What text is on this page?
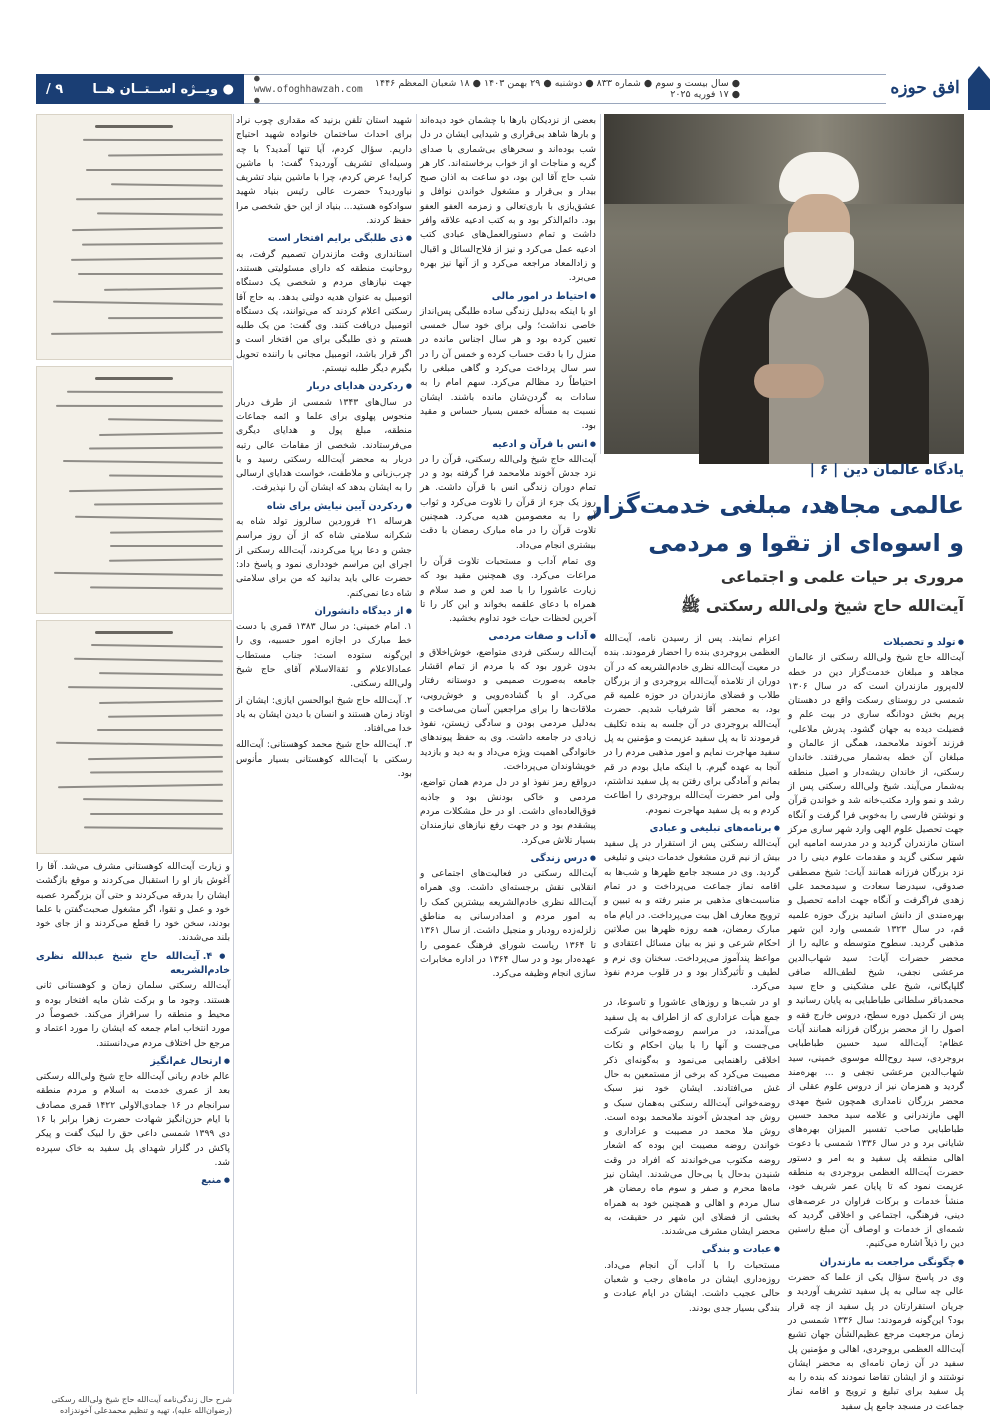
● ویــژه اســتــان هــا
۹ /	● سال بیست و سوم ● شماره ۸۳۳ ● دوشنبه ● ۲۹ بهمن ۱۴۰۳ ● ۱۸ شعبان المعظم ۱۴۴۶ ● ۱۷ فوریه ۲۰۲۵
● www.ofoghhawzah.com ●
افق حوزه ۴
یادگاه عالمان دین | ۶ |
عالمی مجاهد، مبلغی خدمت‌گزار
و اسوه‌ای از تقوا و مردمی
مروری بر حیات علمی و اجتماعی
آیت‌الله حاج شیخ ولی‌الله رسکتی ﷺ
● تولد و تحصیلات

آیت‌الله حاج شیخ ولی‌الله رسکتی از عالمان مجاهد و مبلغان خدمت‌گزار دین در خطه لاله‌پرور مازندران است که در سال ۱۳۰۶ شمسی در روستای رسکت واقع در دهستان پریم بخش دودانگه ساری در بیت علم و فضیلت دیده به جهان گشود. پدرش ملاعلی، فرزند آخوند ملامحمد، همگی از عالمان و مبلغان آن خطه به‌شمار می‌رفتند. خاندان رسکتی، از خاندان ریشه‌دار و اصیل منطقه به‌شمار می‌آیند. شیخ ولی‌الله رسکتی پس از رشد و نمو وارد مکتب‌خانه شد و خواندن قرآن و نوشتن فارسی را به‌خوبی فرا گرفت و آنگاه جهت تحصیل علوم الهی وارد شهر ساری مرکز استان مازندران گردید و در مدرسه امامیه این شهر سکنی گزید و مقدمات علوم دینی را در نزد بزرگان فرزانه همانند آیات: شیخ مصطفی صدوقی، سیدرضا سعادت و سیدمحمد علی زهدی فراگرفت و آنگاه جهت ادامه تحصیل و بهره‌مندی از دانش اساتید بزرگ حوزه علمیه قم، در سال ۱۳۲۳ شمسی وارد این شهر مذهبی گردید. سطوح متوسطه و عالیه را از محضر حضرات آیات: سید شهاب‌الدین مرعشی نجفی، شیخ لطف‌الله صافی گلپایگانی، شیخ علی مشکینی و حاج سید محمدباقر سلطانی طباطبایی به پایان رسانید و پس از تکمیل دوره سطح، دروس خارج فقه و اصول را از محضر بزرگان فرزانه همانند آیات عظام: آیت‌الله سید حسین طباطبایی بروجردی، سید روح‌الله موسوی خمینی، سید شهاب‌الدین مرعشی نجفی و ... بهره‌مند گردید و همزمان نیز از دروس علوم عقلی از محضر بزرگان نامداری همچون شیخ مهدی الهی مازندرانی و علامه سید محمد حسین طباطبایی صاحب تفسیر المیزان بهره‌های شایانی برد و در سال ۱۳۳۶ شمسی با دعوت اهالی منطقه پل سفید و به امر و دستور حضرت آیت‌الله العظمی بروجردی به منطقه عزیمت نمود که تا پایان عمر شریف خود، منشأ خدمات و برکات فراوان در عرصه‌های دینی، فرهنگی، اجتماعی و اخلاقی گردید که شمه‌ای از خدمات و اوصاف آن مبلغ راستین دین را ذیلاً اشاره می‌کنیم.

● چگونگی مراجعت به مازندران

وی در پاسخ سؤال یکی از علما که حضرت عالی چه سالی به پل سفید تشریف آوردید و جریان استقرارتان در پل سفید از چه قرار بود؟ این‌گونه فرمودند: سال ۱۳۳۶ شمسی در زمان مرجعیت مرجع عظیم‌الشأن جهان تشیع آیت‌الله العظمی بروجردی، اهالی و مؤمنین پل سفید در آن زمان نامه‌ای به محضر ایشان نوشتند و از ایشان تقاضا نمودند که بنده را به پل سفید برای تبلیغ و ترویج و اقامه نماز جماعت در مسجد جامع پل سفید

اعزام نمایند. پس از رسیدن نامه، آیت‌الله العظمی بروجردی بنده را احضار فرمودند. بنده در معیت آیت‌الله نظری خادم‌الشریعه که در آن دوران از تلامذه آیت‌الله بروجردی و از بزرگان طلاب و فضلای مازندران در حوزه علمیه قم بود، به محضر آقا شرفیاب شدیم. حضرت آیت‌الله بروجردی در آن جلسه به بنده تکلیف فرمودند تا به پل سفید عزیمت و مؤمنین به پل سفید مهاجرت نمایم و امور مذهبی مردم را در آنجا به عهده گیرم. با اینکه مایل بودم در قم بمانم و آمادگی برای رفتن به پل سفید نداشتم، ولی امر حضرت آیت‌الله بروجردی را اطاعت کردم و به پل سفید مهاجرت نمودم.

● برنامه‌های تبلیغی و عبادی

آیت‌الله رسکتی پس از استقرار در پل سفید بیش از نیم قرن مشغول خدمات دینی و تبلیغی گردید. وی در مسجد جامع ظهرها و شب‌ها به اقامه نماز جماعت می‌پرداخت و در تمام مناسبت‌های مذهبی بر منبر رفته و به تبیین و ترویج معارف اهل بیت می‌پرداخت. در ایام ماه مبارک رمضان، همه روزه ظهرها بین صلاتین احکام شرعی و نیز به بیان مسائل اعتقادی و مواعظ پندآموز می‌پرداخت. سخنان وی نرم و لطیف و تأثیرگذار بود و در قلوب مردم نفوذ می‌کرد.

او در شب‌ها و روزهای عاشورا و تاسوعا، در جمع هیأت عزاداری که از اطراف به پل سفید می‌آمدند، در مراسم روضه‌خوانی شرکت می‌جست و آنها را با بیان احکام و نکات اخلاقی راهنمایی می‌نمود و به‌گونه‌ای ذکر مصیبت می‌کرد که برخی از مستمعین به حال غش می‌افتادند. ایشان خود نیز سبک روضه‌خوانی آیت‌الله رسکتی به‌همان سبک و روش جد امجدش آخوند ملامحمد بوده است. روش ملا محمد در مصیبت و عزاداری و خواندن روضه مصیبت این بوده که اشعار روضه مکتوب می‌خواندند که افراد در وقت شنیدن بدحال یا بی‌حال می‌شدند. ایشان نیز ماه‌ها محرم و صفر و سوم ماه رمضان هر سال مردم و اهالی و همچنین خود به همراه بخشی از فضلای این شهر در حقیقت، به محضر ایشان مشرف می‌شدند.

● عبادت و بندگی

مستحبات را با آداب آن انجام می‌داد. روزه‌داری ایشان در ماه‌های رجب و شعبان حالی عجیب داشت. ایشان در ایام عبادت و بندگی بسیار جدی بودند.

بعضی از نزدیکان بارها با چشمان خود دیده‌اند و بارها شاهد بی‌قراری و شیدایی ایشان در دل شب بوده‌اند و سحرهای بی‌شماری با صدای گریه و مناجات او از خواب برخاسته‌اند. کار هر شب حاج آقا این بود، دو ساعت به اذان صبح بیدار و بی‌قرار و مشغول خواندن نوافل و عشق‌بازی با باری‌تعالی و زمزمه العفو العفو بود. دائم‌الذکر بود و به کتب ادعیه علاقه وافر داشت و تمام دستورالعمل‌های عبادی کتب ادعیه عمل می‌کرد و نیز از فلاح‌السائل و اقبال و زادالمعاد مراجعه می‌کرد و از آنها نیز بهره می‌برد.

● احتیاط در امور مالی

او با اینکه به‌دلیل زندگی ساده طلبگی پس‌انداز خاصی نداشت؛ ولی برای خود سال خمسی تعیین کرده بود و هر سال اجناس مانده در منزل را با دقت حساب کرده و خمس آن را در سر سال پرداخت می‌کرد و گاهی مبلغی را احتیاطاً رد مظالم می‌کرد. سهم امام را به سادات به گردن‌شان مانده باشند. ایشان نسبت به مسأله خمس بسیار حساس و مقید بود.

● انس با قرآن و ادعیه

آیت‌الله حاج شیخ ولی‌الله رسکتی، قرآن را در نزد جدش آخوند ملامحمد فرا گرفته بود و در تمام دوران زندگی انس با قرآن داشت. هر روز یک جزء از قرآن را تلاوت می‌کرد و ثواب آن را به معصومین هدیه می‌کرد. همچنین تلاوت قرآن را در ماه مبارک رمضان با دقت بیشتری انجام می‌داد.

وی تمام آداب و مستحبات تلاوت قرآن را مراعات می‌کرد. وی همچنین مقید بود که زیارت عاشورا را با صد لعن و صد سلام و همراه با دعای علقمه بخواند و این کار را تا آخرین لحظات حیات خود تداوم بخشید.

● آداب و صفات مردمی

آیت‌الله رسکتی فردی متواضع، خوش‌اخلاق و بدون غرور بود که با مردم از تمام اقشار جامعه به‌صورت صمیمی و دوستانه رفتار می‌کرد. او با گشاده‌رویی و خوش‌رویی، ملاقات‌ها را برای مراجعین آسان می‌ساخت و به‌دلیل مردمی بودن و سادگی زیستن، نفوذ زیادی در جامعه داشت. وی به حفظ پیوندهای خانوادگی اهمیت ویژه می‌داد و به دید و بازدید خویشاوندان می‌پرداخت.

درواقع رمز نفوذ او در دل مردم همان تواضع، مردمی و خاکی بودنش بود و جاذبه فوق‌العاده‌ای داشت. او در حل مشکلات مردم پیشقدم بود و در جهت رفع نیازهای نیازمندان بسیار تلاش می‌کرد.

● درس زندگی

آیت‌الله رسکتی در فعالیت‌های اجتماعی و انقلابی نقش برجسته‌ای داشت. وی همراه آیت‌الله نظری خادم‌الشریعه بیشترین کمک را به امور مردم و امدادرسانی به مناطق زلزله‌زده رودبار و منجیل داشت. از سال ۱۳۶۱ تا ۱۳۶۴ ریاست شورای فرهنگ عمومی را عهده‌دار بود و در سال ۱۳۶۴ در اداره مخابرات سازی انجام وظیفه می‌کرد.

شهید استان تلفن بزنید که مقداری چوب نراد برای احداث ساختمان خانواده شهید احتیاج داریم. سؤال کردم، آیا تنها آمدید؟ با چه وسیله‌ای تشریف آوردید؟ گفت: با ماشین کرایه! عرض کردم، چرا با ماشین بنیاد تشریف نیاوردید؟ حضرت عالی رئیس بنیاد شهید سوادکوه هستید... بنیاد از این حق شخصی مرا حفظ کردند.

● ذی طلبگی برایم افتخار است

استانداری وقت مازندران تصمیم گرفت، به روحانیت منطقه که دارای مسئولیتی هستند، جهت نیازهای مردم و شخصی یک دستگاه اتومبیل به عنوان هدیه دولتی بدهد. به حاج آقا رسکتی اعلام کردند که می‌توانند، یک دستگاه اتومبیل دریافت کنند. وی گفت: من یک طلبه هستم و ذی طلبگی برای من افتخار است و اگر قرار باشد، اتومبیل مجانی با راننده تحویل بگیرم دیگر طلبه نیستم.

● ردکردن هدایای دربار

در سال‌های ۱۳۴۳ شمسی از طرف دربار منحوس پهلوی برای علما و ائمه جماعات منطقه، مبلغ پول و هدایای دیگری می‌فرستادند. شخصی از مقامات عالی رتبه دربار به محضر آیت‌الله رسکتی رسید و با چرب‌زبانی و ملاطفت، خواست هدایای ارسالی را به ایشان بدهد که ایشان آن را نپذیرفت.

● ردکردن آیین نیایش برای شاه

هرساله ۲۱ فروردین سالروز تولد شاه به شکرانه سلامتی شاه که از آن روز مراسم جشن و دعا برپا می‌کردند، آیت‌الله رسکتی از اجرای این مراسم خودداری نمود و پاسخ داد: حضرت عالی باید بدانید که من برای سلامتی شاه دعا نمی‌کنم.

● از دیدگاه دانشوران

۱. امام خمینی: در سال ۱۳۸۳ قمری با دست خط مبارک در اجازه امور حسبیه، وی را این‌گونه ستوده است: جناب مستطاب عمادالاعلام و ثقةالاسلام آقای حاج شیخ ولی‌الله رسکتی.

۲. آیت‌الله حاج شیخ ابوالحسن ایازی: ایشان از اوتاد زمان هستند و انسان با دیدن ایشان به یاد خدا می‌افتاد.

۳. آیت‌الله حاج شیخ محمد کوهستانی: آیت‌الله رسکتی با آیت‌الله کوهستانی بسیار مأنوس بود.

و زیارت آیت‌الله کوهستانی مشرف می‌شد. آقا را آغوش باز او را استقبال می‌کردند و موقع بازگشت ایشان را بدرقه می‌کردند و حتی آن بزرگمرد عصبه خود و عمل و تقوا، اگر مشغول صحبت‌گفتن با علما بودند، سخن خود را قطع می‌کردند و از جای خود بلند می‌شدند.

● ۴. آیت‌الله حاج شیخ عبدالله نظری خادم‌الشریعه

آیت‌الله رسکتی سلمان زمان و کوهستانی ثانی هستند. وجود ما و برکت شان مایه افتخار بوده و محیط و منطقه را سرافراز می‌کند. خصوصاً در مورد انتخاب امام جمعه که ایشان را مورد اعتماد و مرجع حل اختلاف مردم می‌دانستند.

● ارتحال غم‌انگیز

عالم خادم ربانی آیت‌الله حاج شیخ ولی‌الله رسکتی بعد از عمری خدمت به اسلام و مردم منطقه سرانجام در ۱۶ جمادی‌الاولی ۱۴۲۲ قمری مصادف با ایام حزن‌انگیز شهادت حضرت زهرا برابر با ۱۶ دی ۱۳۹۹ شمسی داعی حق را لبیک گفت و پیکر پاکش در گلزار شهدای پل سفید به خاک سپرده شد.

● منبع
شرح حال زندگی‌نامه آیت‌الله حاج شیخ ولی‌الله رسکتی (رضوان‌الله علیه)، تهیه و تنظیم محمدعلی آخوندزاده
